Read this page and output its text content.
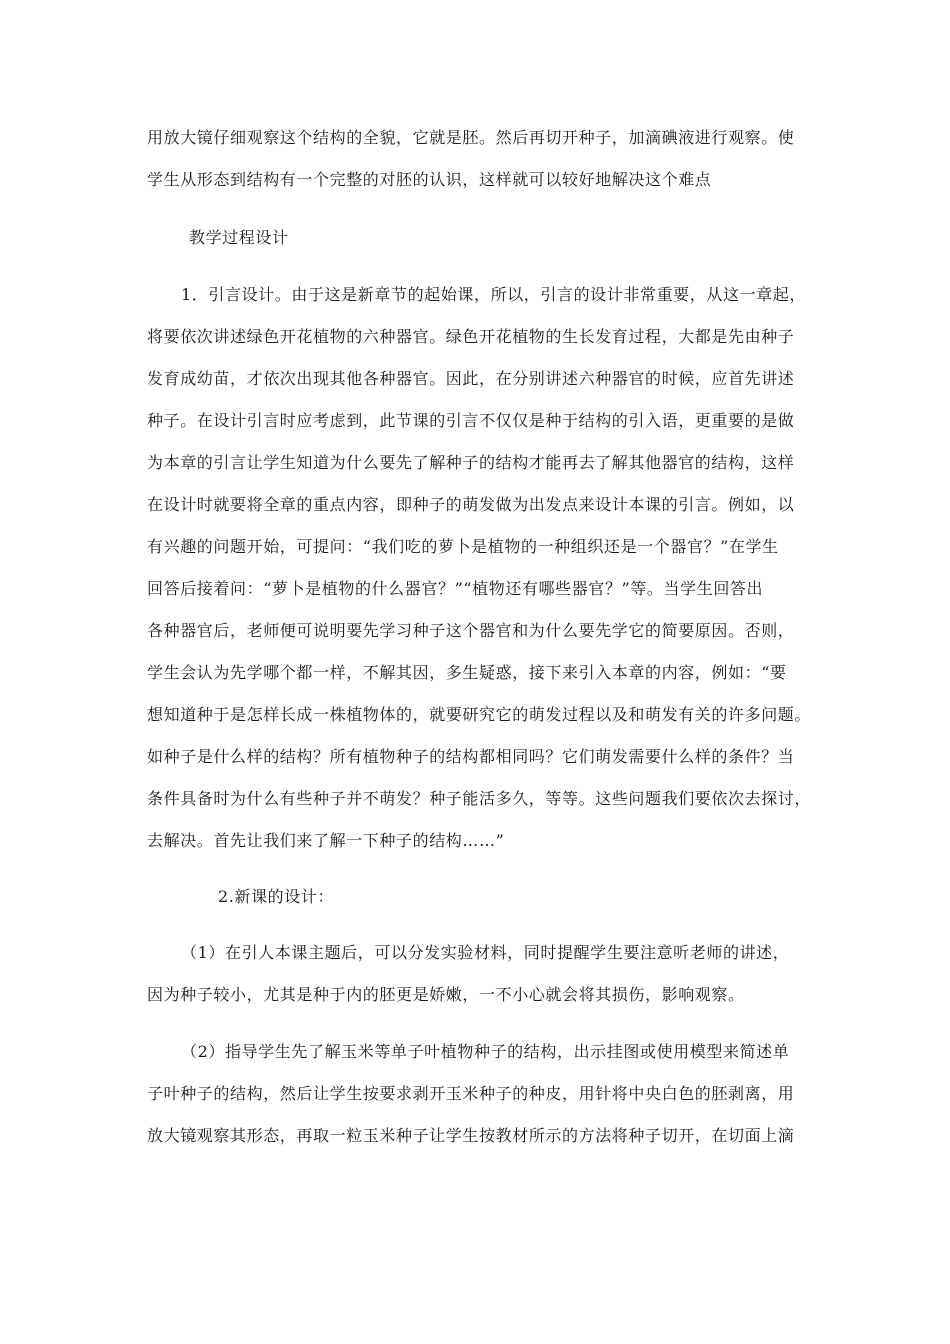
用放大镜仔细观察这个结构的全貌，它就是胚。然后再切开种子，加滴碘液进行观察。使
学生从形态到结构有一个完整的对胚的认识，这样就可以较好地解决这个难点
教学过程设计
1．引言设计。由于这是新章节的起始课，所以，引言的设计非常重要，从这一章起，
将要依次讲述绿色开花植物的六种器官。绿色开花植物的生长发育过程，大都是先由种子
发育成幼苗，才依次出现其他各种器官。因此，在分别讲述六种器官的时候，应首先讲述
种子。在设计引言时应考虑到，此节课的引言不仅仅是种于结构的引入语，更重要的是做
为本章的引言让学生知道为什么要先了解种子的结构才能再去了解其他器官的结构，这样
在设计时就要将全章的重点内容，即种子的萌发做为出发点来设计本课的引言。例如，以
有兴趣的问题开始，可提问：“我们吃的萝卜是植物的一种组织还是一个器官？”在学生
回答后接着问：“萝卜是植物的什么器官？”“植物还有哪些器官？”等。当学生回答出
各种器官后，老师便可说明要先学习种子这个器官和为什么要先学它的简要原因。否则，
学生会认为先学哪个都一样，不解其因，多生疑惑，接下来引入本章的内容，例如：“要
想知道种于是怎样长成一株植物体的，就要研究它的萌发过程以及和萌发有关的许多问题。
如种子是什么样的结构？所有植物种子的结构都相同吗？它们萌发需要什么样的条件？当
条件具备时为什么有些种子并不萌发？种子能活多久，等等。这些问题我们要依次去探讨，
去解决。首先让我们来了解一下种子的结构……”
2.新课的设计：
（1）在引人本课主题后，可以分发实验材料，同时提醒学生要注意听老师的讲述，
因为种子较小，尤其是种于内的胚更是娇嫩，一不小心就会将其损伤，影响观察。
（2）指导学生先了解玉米等单子叶植物种子的结构，出示挂图或使用模型来简述单
子叶种子的结构，然后让学生按要求剥开玉米种子的种皮，用针将中央白色的胚剥离，用
放大镜观察其形态，再取一粒玉米种子让学生按教材所示的方法将种子切开，在切面上滴
